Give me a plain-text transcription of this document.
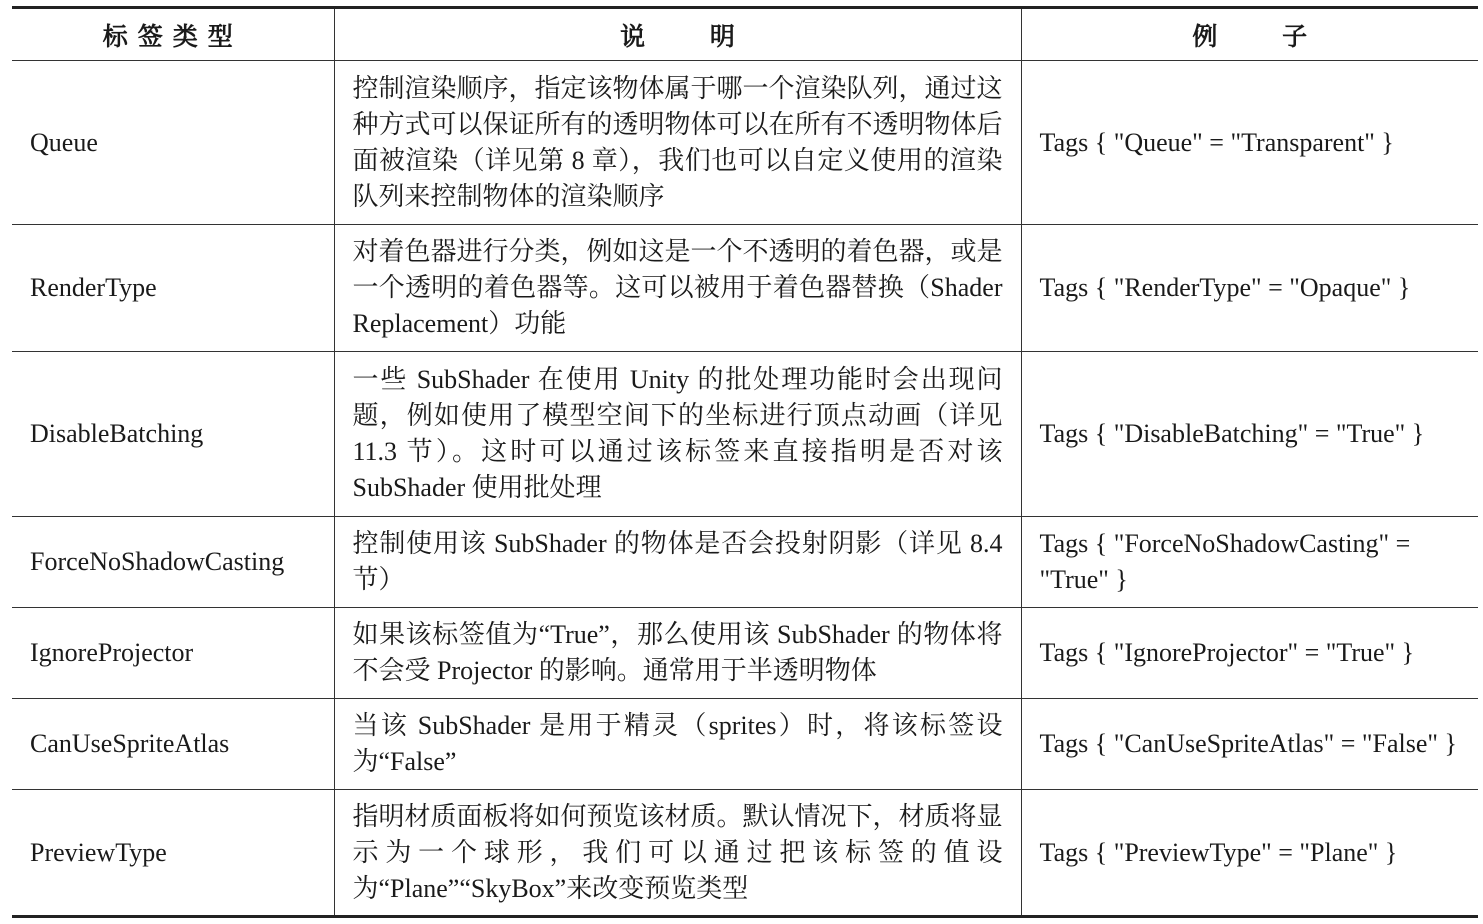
标签类型	说 明	例 子
Queue	控制渲染顺序，指定该物体属于哪一个渲染队列，通过这种方式可以保证所有的透明物体可以在所有不透明物体后面被渲染（详见第 8 章），我们也可以自定义使用的渲染队列来控制物体的渲染顺序	Tags { "Queue" = "Transparent" }
RenderType	对着色器进行分类，例如这是一个不透明的着色器，或是一个透明的着色器等。这可以被用于着色器替换（Shader Replacement）功能	Tags { "RenderType" = "Opaque" }
DisableBatching	一些 SubShader 在使用 Unity 的批处理功能时会出现问题，例如使用了模型空间下的坐标进行顶点动画（详见 11.3 节）。这时可以通过该标签来直接指明是否对该 SubShader 使用批处理	Tags { "DisableBatching" = "True" }
ForceNoShadowCasting	控制使用该 SubShader 的物体是否会投射阴影（详见 8.4 节）	Tags { "ForceNoShadowCasting" = "True" }
IgnoreProjector	如果该标签值为“True”，那么使用该 SubShader 的物体将不会受 Projector 的影响。通常用于半透明物体	Tags { "IgnoreProjector" = "True" }
CanUseSpriteAtlas	当该 SubShader 是用于精灵（sprites）时，将该标签设为“False”	Tags { "CanUseSpriteAtlas" = "False" }
PreviewType	指明材质面板将如何预览该材质。默认情况下，材质将显示为一个球形，我们可以通过把该标签的值设为“Plane”“SkyBox”来改变预览类型	Tags { "PreviewType" = "Plane" }
